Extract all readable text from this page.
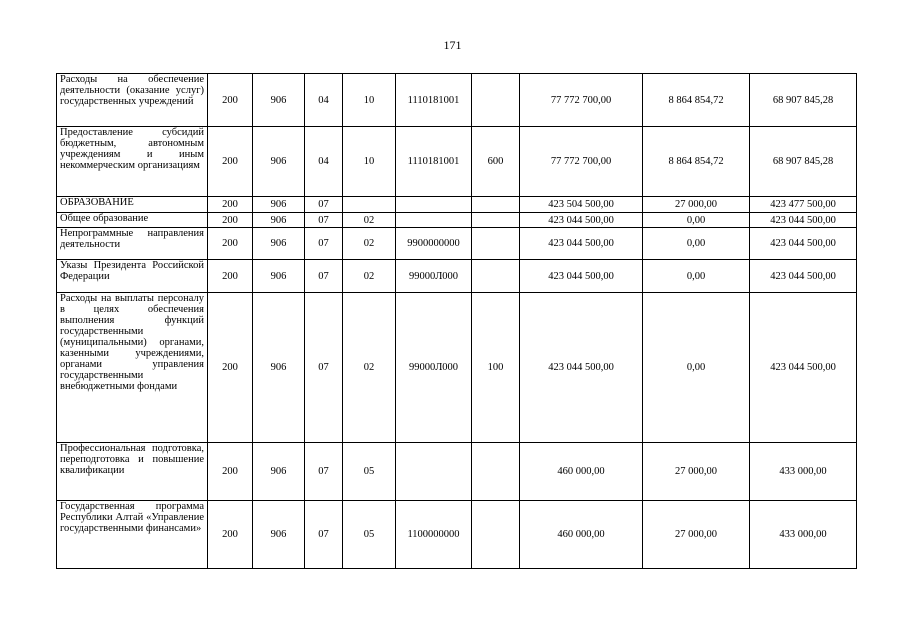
171
Расходы на обеспечение деятельности (оказание услуг) государственных учреждений	200	906	04	10	1110181001		77 772 700,00	8 864 854,72	68 907 845,28
Предоставление субсидий бюджетным, автономным учреждениям и иным некоммерческим организациям	200	906	04	10	1110181001	600	77 772 700,00	8 864 854,72	68 907 845,28
ОБРАЗОВАНИЕ	200	906	07				423 504 500,00	27 000,00	423 477 500,00
Общее образование	200	906	07	02			423 044 500,00	0,00	423 044 500,00
Непрограммные направления деятельности	200	906	07	02	9900000000		423 044 500,00	0,00	423 044 500,00
Указы Президента Российской Федерации	200	906	07	02	99000Л000		423 044 500,00	0,00	423 044 500,00
Расходы на выплаты персоналу в целях обеспечения выполнения функций государственными (муниципальными) органами, казенными учреждениями, органами управления государственными внебюджетными фондами	200	906	07	02	99000Л000	100	423 044 500,00	0,00	423 044 500,00
Профессиональная подготовка, переподготовка и повышение квалификации	200	906	07	05			460 000,00	27 000,00	433 000,00
Государственная программа Республики Алтай «Управление государственными финансами»	200	906	07	05	1100000000		460 000,00	27 000,00	433 000,00
